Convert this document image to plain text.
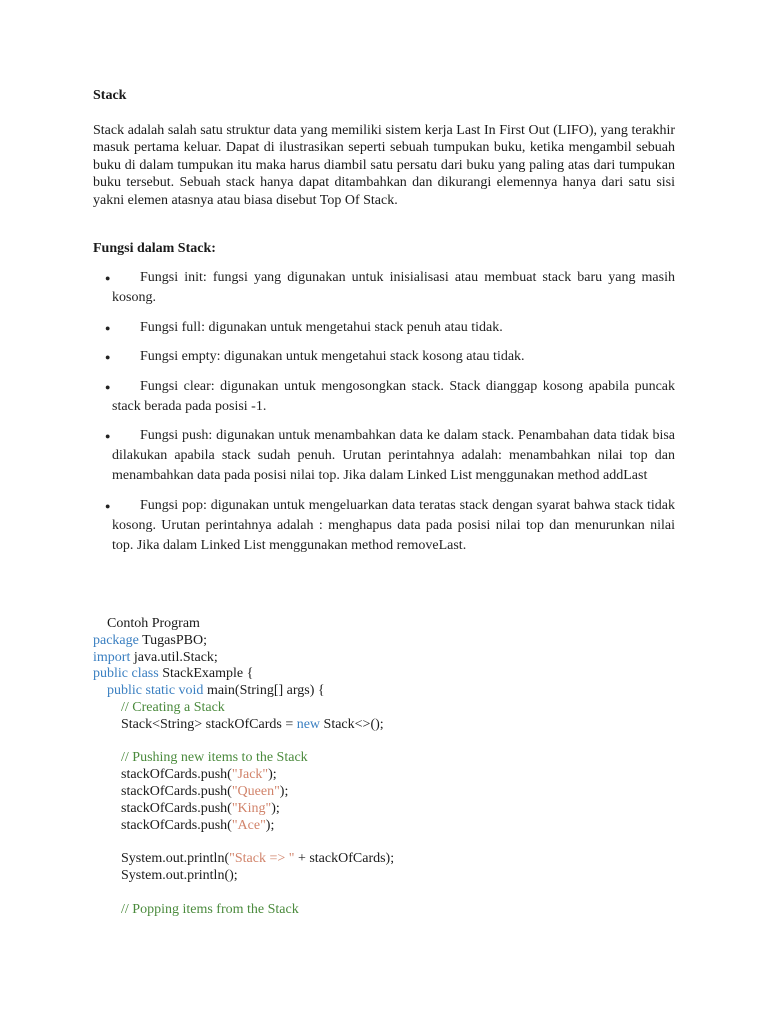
Stack

Stack adalah salah satu struktur data yang memiliki sistem kerja Last In First Out (LIFO), yang terakhir masuk pertama keluar. Dapat di ilustrasikan seperti sebuah tumpukan buku, ketika mengambil sebuah buku di dalam tumpukan itu maka harus diambil satu persatu dari buku yang paling atas dari tumpukan buku tersebut. Sebuah stack hanya dapat ditambahkan dan dikurangi elemennya hanya dari satu sisi yakni elemen atasnya atau biasa disebut Top Of Stack.

Fungsi dalam Stack:
● Fungsi init: fungsi yang digunakan untuk inisialisasi atau membuat stack baru yang masih kosong.
● Fungsi full: digunakan untuk mengetahui stack penuh atau tidak.
● Fungsi empty: digunakan untuk mengetahui stack kosong atau tidak.
● Fungsi clear: digunakan untuk mengosongkan stack. Stack dianggap kosong apabila puncak stack berada pada posisi -1.
● Fungsi push: digunakan untuk menambahkan data ke dalam stack. Penambahan data tidak bisa dilakukan apabila stack sudah penuh. Urutan perintahnya adalah: menambahkan nilai top dan menambahkan data pada posisi nilai top. Jika dalam Linked List menggunakan method addLast
● Fungsi pop: digunakan untuk mengeluarkan data teratas stack dengan syarat bahwa stack tidak kosong. Urutan perintahnya adalah : menghapus data pada posisi nilai top dan menurunkan nilai top. Jika dalam Linked List menggunakan method removeLast.
Contoh Program
package TugasPBO;
import java.util.Stack;
public class StackExample {
public static void main(String[] args) {
// Creating a Stack
Stack<String> stackOfCards = new Stack<>();
// Pushing new items to the Stack
stackOfCards.push("Jack");
stackOfCards.push("Queen");
stackOfCards.push("King");
stackOfCards.push("Ace");
System.out.println("Stack => " + stackOfCards);
System.out.println();
// Popping items from the Stack
